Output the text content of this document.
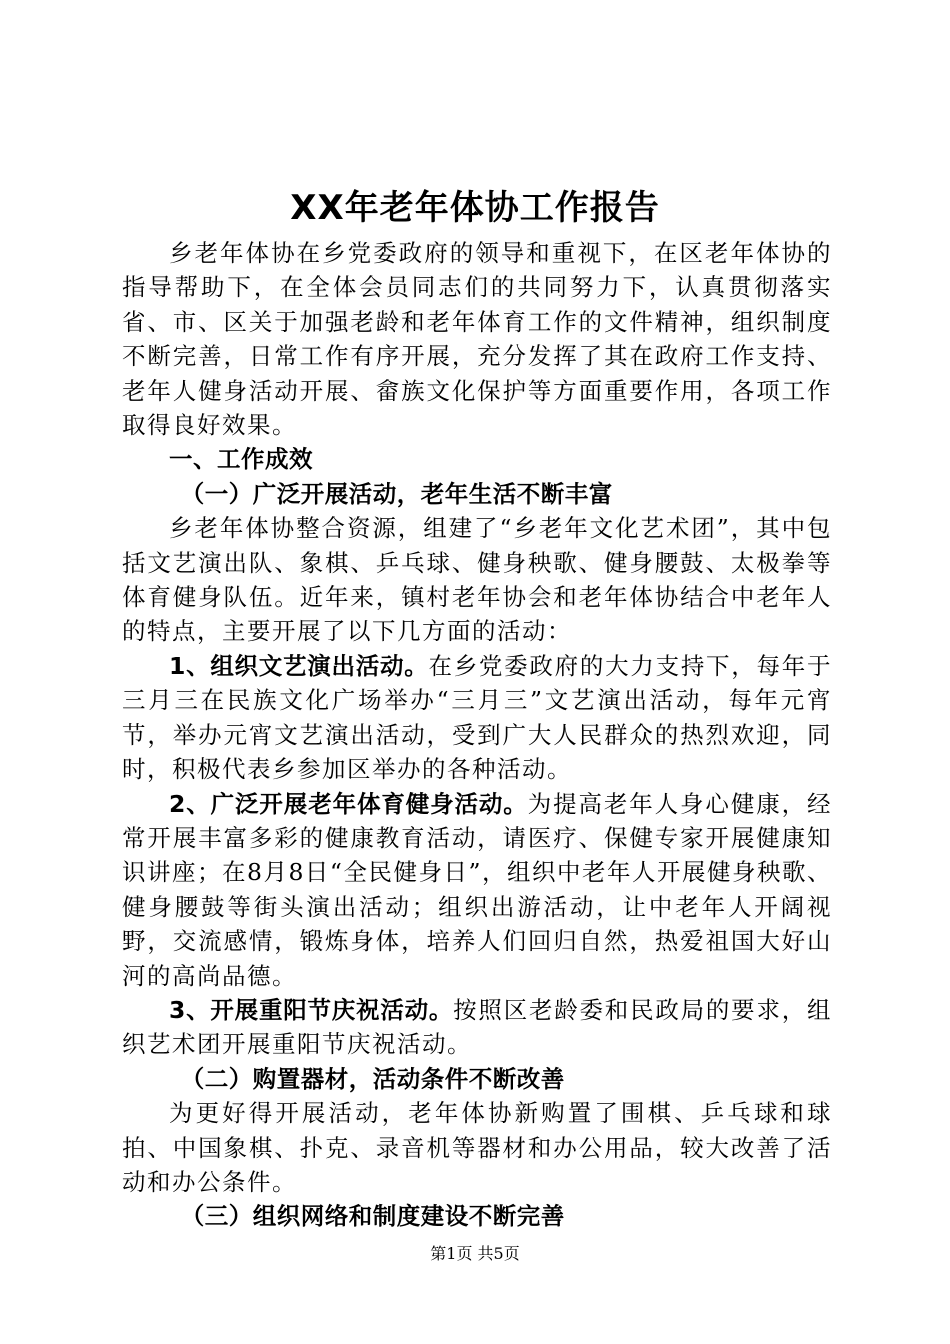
XX年老年体协工作报告

乡老年体协在乡党委政府的领导和重视下，在区老年体协的指导帮助下，在全体会员同志们的共同努力下，认真贯彻落实省、市、区关于加强老龄和老年体育工作的文件精神，组织制度不断完善，日常工作有序开展，充分发挥了其在政府工作支持、老年人健身活动开展、畲族文化保护等方面重要作用，各项工作取得良好效果。

一、工作成效

（一）广泛开展活动，老年生活不断丰富

乡老年体协整合资源，组建了“乡老年文化艺术团”，其中包括文艺演出队、象棋、乒乓球、健身秧歌、健身腰鼓、太极拳等体育健身队伍。近年来，镇村老年协会和老年体协结合中老年人的特点，主要开展了以下几方面的活动：

1、组织文艺演出活动。在乡党委政府的大力支持下，每年于三月三在民族文化广场举办“三月三”文艺演出活动，每年元宵节，举办元宵文艺演出活动，受到广大人民群众的热烈欢迎，同时，积极代表乡参加区举办的各种活动。

2、广泛开展老年体育健身活动。为提高老年人身心健康，经常开展丰富多彩的健康教育活动，请医疗、保健专家开展健康知识讲座；在8月8日“全民健身日”，组织中老年人开展健身秧歌、健身腰鼓等街头演出活动；组织出游活动，让中老年人开阔视野，交流感情，锻炼身体，培养人们回归自然，热爱祖国大好山河的高尚品德。

3、开展重阳节庆祝活动。按照区老龄委和民政局的要求，组织艺术团开展重阳节庆祝活动。

（二）购置器材，活动条件不断改善

为更好得开展活动，老年体协新购置了围棋、乒乓球和球拍、中国象棋、扑克、录音机等器材和办公用品，较大改善了活动和办公条件。

（三）组织网络和制度建设不断完善

第1页 共5页
